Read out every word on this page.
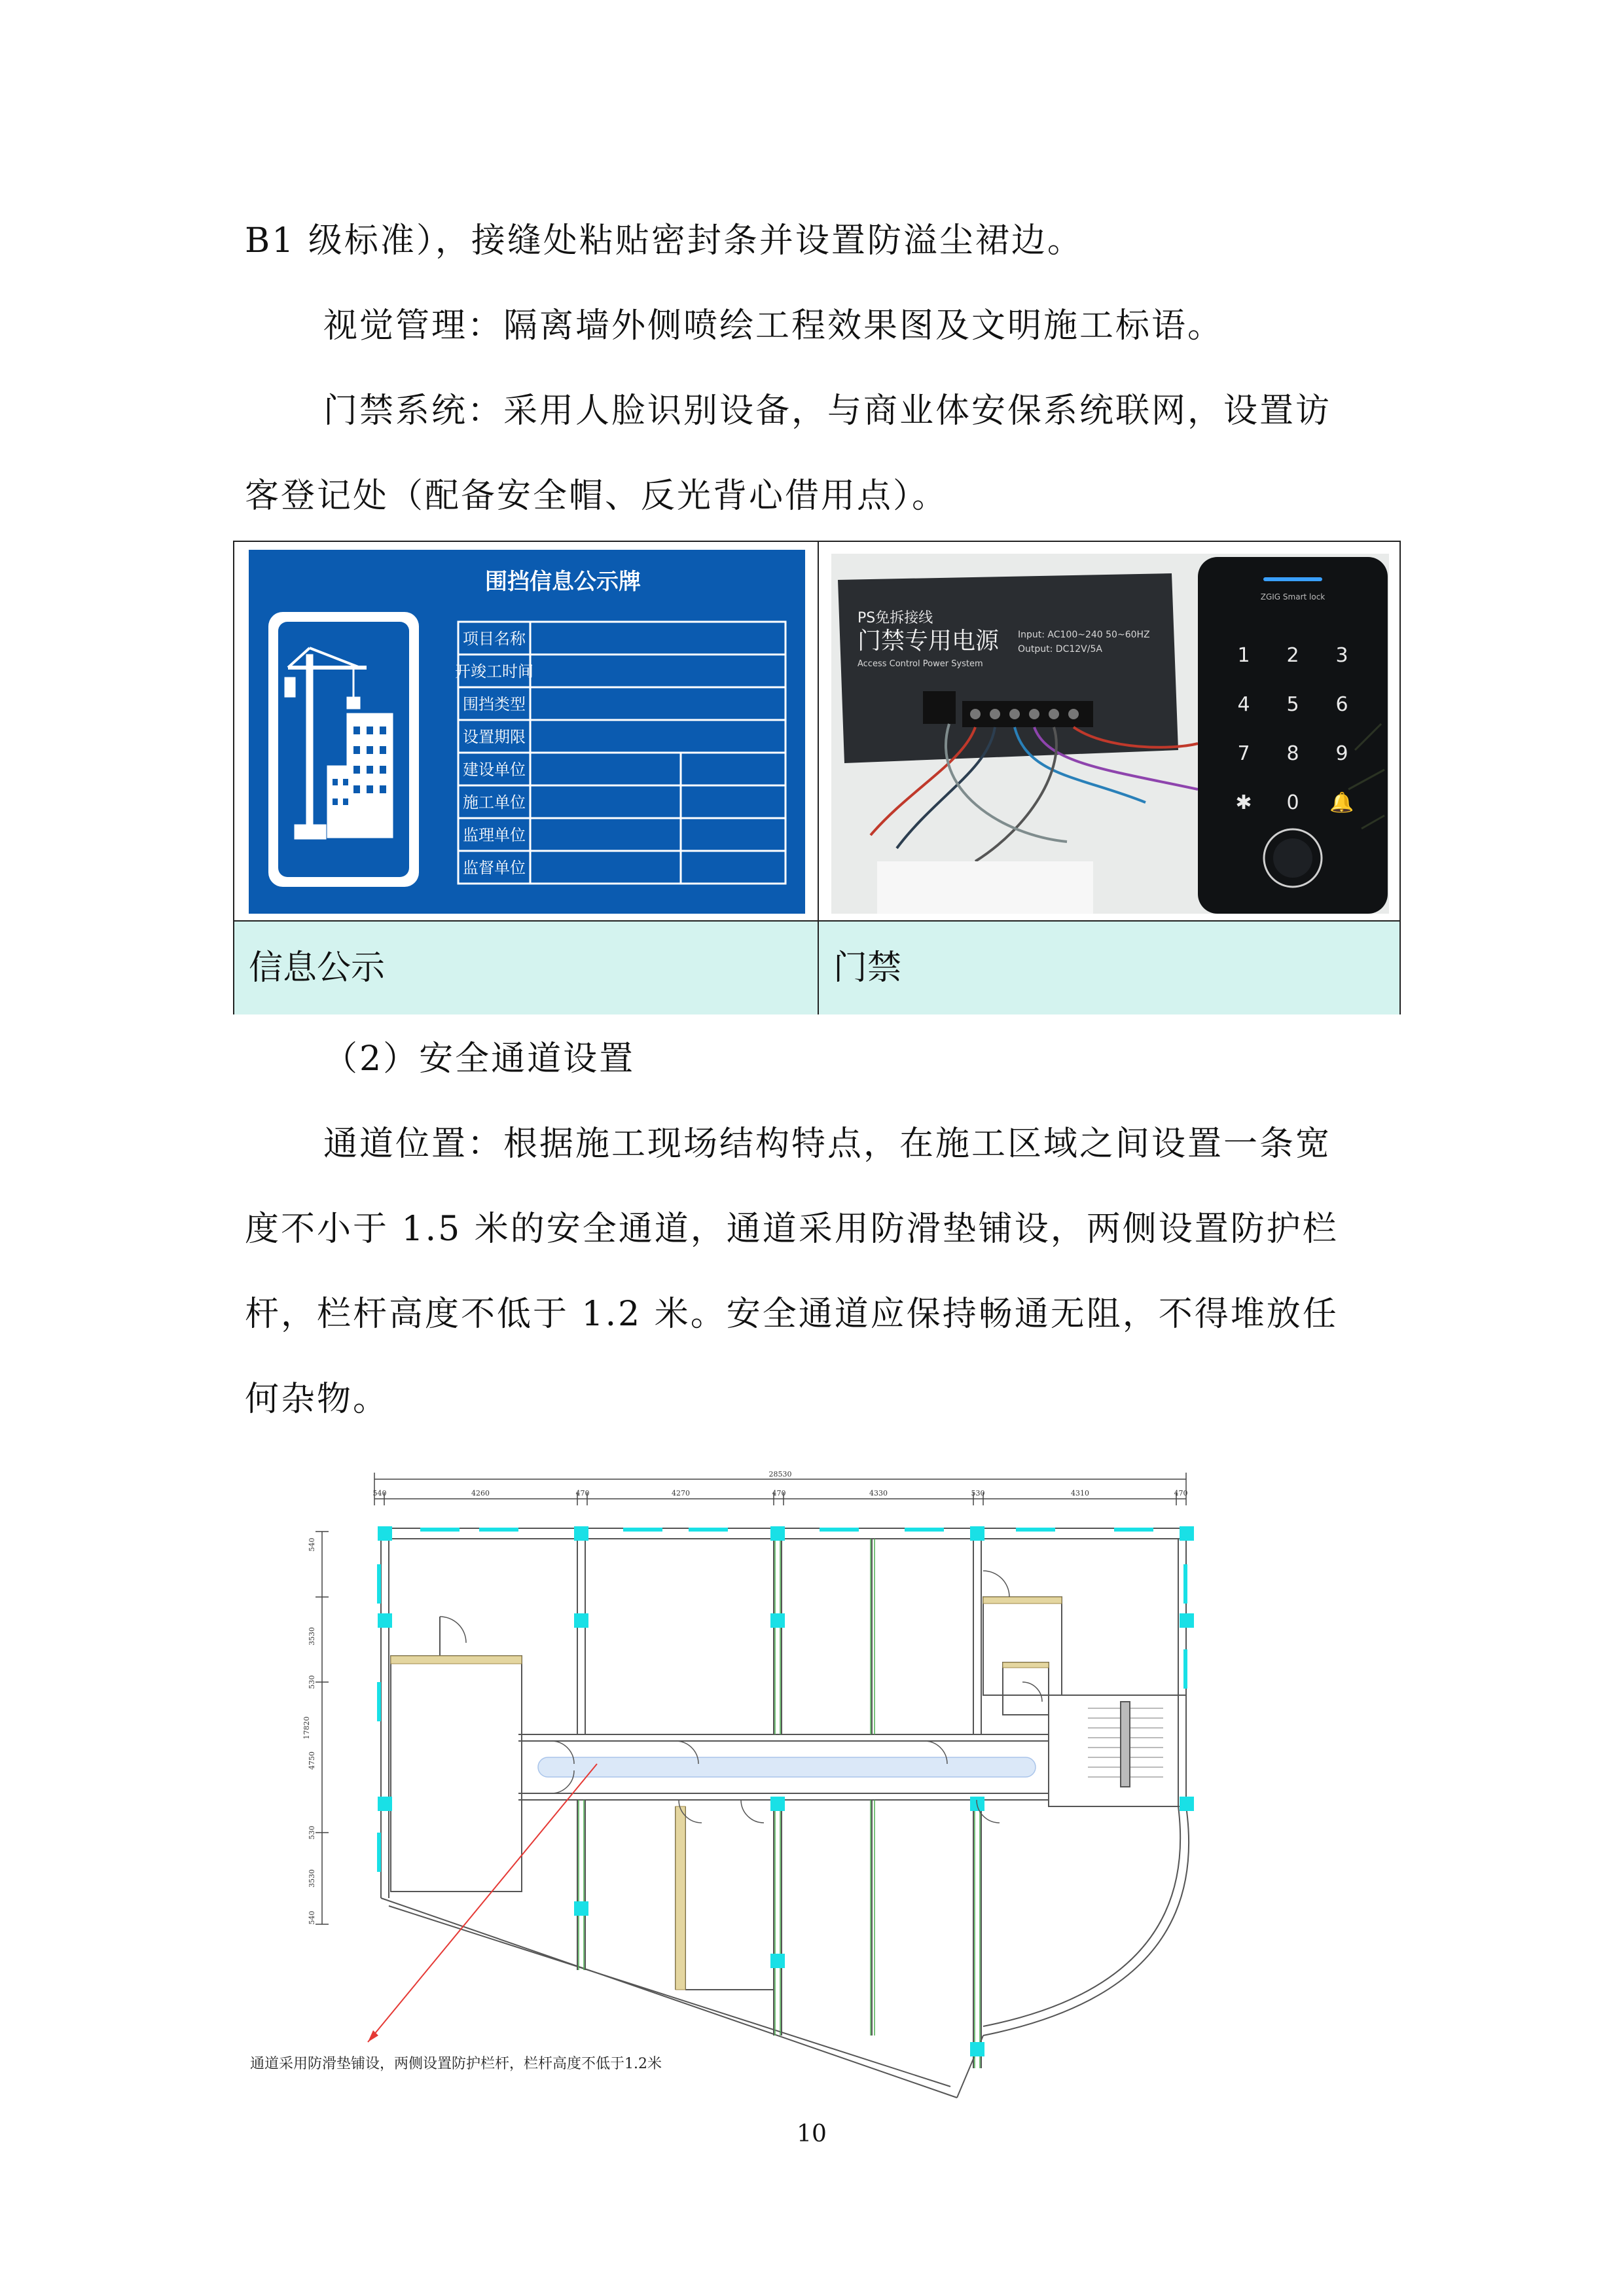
B1 级标准），接缝处粘贴密封条并设置防溢尘裙边。

视觉管理：隔离墙外侧喷绘工程效果图及文明施工标语。

门禁系统：采用人脸识别设备，与商业体安保系统联网，设置访

客登记处（配备安全帽、反光背心借用点）。

围挡信息公示牌
项目名称
开竣工时间
围挡类型
设置期限
建设单位
施工单位
监理单位
监督单位
PS免拆接线
门禁专用电源
Access Control Power System
Input: AC100~240 50~60HZ
Output: DC12V/5A
ZGIG Smart lock
1 2 3
4 5 6
7 8 9
✱ 0 🔔
信息公示	门禁

（2）安全通道设置

通道位置：根据施工现场结构特点，在施工区域之间设置一条宽

度不小于 1.5 米的安全通道，通道采用防滑垫铺设，两侧设置防护栏

杆，栏杆高度不低于 1.2 米。安全通道应保持畅通无阻，不得堆放任

何杂物。

28530
540	4260	470	4270	470	4330	530	4310	470
17820
540
3530
530
4750
530
3530
540
通道采用防滑垫铺设，两侧设置防护栏杆，栏杆高度不低于1.2米
10
